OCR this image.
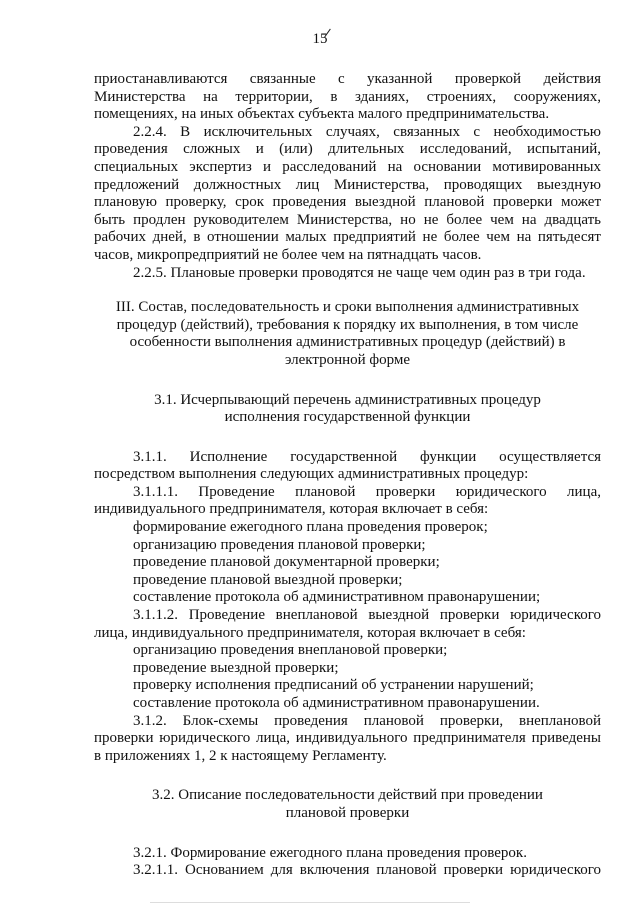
15
приостанавливаются связанные с указанной проверкой действия
Министерства на территории, в зданиях, строениях, сооружениях,
помещениях, на иных объектах субъекта малого предпринимательства.
2.2.4. В исключительных случаях, связанных с необходимостью
проведения сложных и (или) длительных исследований, испытаний,
специальных экспертиз и расследований на основании мотивированных
предложений должностных лиц Министерства, проводящих выездную
плановую проверку, срок проведения выездной плановой проверки может
быть продлен руководителем Министерства, но не более чем на двадцать
рабочих дней, в отношении малых предприятий не более чем на пятьдесят
часов, микропредприятий не более чем на пятнадцать часов.
2.2.5. Плановые проверки проводятся не чаще чем один раз в три года.
III. Состав, последовательность и сроки выполнения административных
процедур (действий), требования к порядку их выполнения, в том числе
особенности выполнения административных процедур (действий) в
электронной форме
3.1. Исчерпывающий перечень административных процедур
исполнения государственной функции
3.1.1. Исполнение государственной функции осуществляется
посредством выполнения следующих административных процедур:
3.1.1.1. Проведение плановой проверки юридического лица,
индивидуального предпринимателя, которая включает в себя:
формирование ежегодного плана проведения проверок;
организацию проведения плановой проверки;
проведение плановой документарной проверки;
проведение плановой выездной проверки;
составление протокола об административном правонарушении;
3.1.1.2. Проведение внеплановой выездной проверки юридического
лица, индивидуального предпринимателя, которая включает в себя:
организацию проведения внеплановой проверки;
проведение выездной проверки;
проверку исполнения предписаний об устранении нарушений;
составление протокола об административном правонарушении.
3.1.2. Блок-схемы проведения плановой проверки, внеплановой
проверки юридического лица, индивидуального предпринимателя приведены
в приложениях 1, 2 к настоящему Регламенту.
3.2. Описание последовательности действий при проведении
плановой проверки
3.2.1. Формирование ежегодного плана проведения проверок.
3.2.1.1. Основанием для включения плановой проверки юридического
